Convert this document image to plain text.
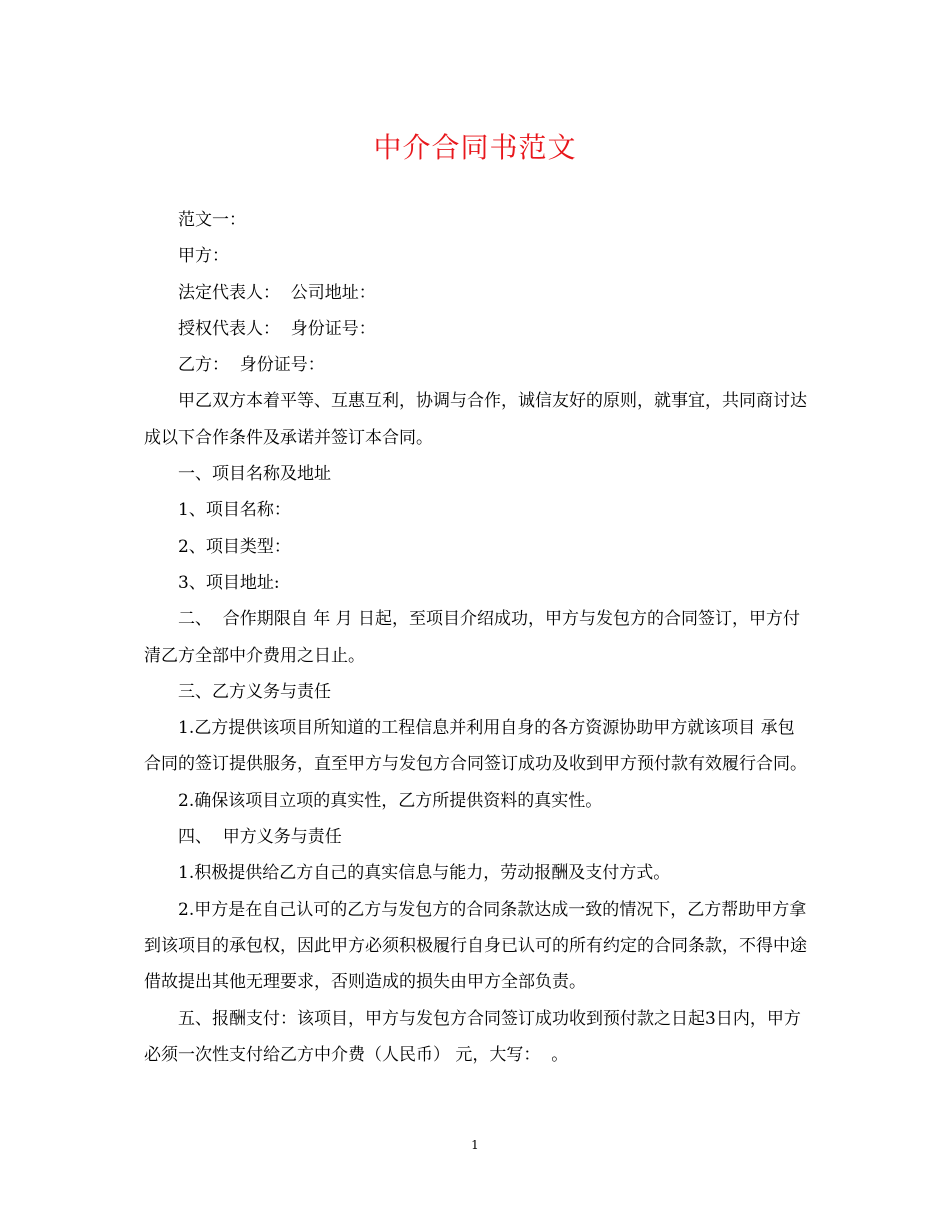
中介合同书范文

范文一：

甲方：

法定代表人：  公司地址：

授权代表人：  身份证号：

乙方：  身份证号：

甲乙双方本着平等、互惠互利，协调与合作，诚信友好的原则，就事宜，共同商讨达成以下合作条件及承诺并签订本合同。

一、项目名称及地址

1、项目名称：

2、项目类型：

3、项目地址:

二、  合作期限自 年 月 日起，至项目介绍成功，甲方与发包方的合同签订，甲方付清乙方全部中介费用之日止。

三、乙方义务与责任

1.乙方提供该项目所知道的工程信息并利用自身的各方资源协助甲方就该项目 承包合同的签订提供服务，直至甲方与发包方合同签订成功及收到甲方预付款有效履行合同。

2.确保该项目立项的真实性，乙方所提供资料的真实性。

四、  甲方义务与责任

1.积极提供给乙方自己的真实信息与能力，劳动报酬及支付方式。

2.甲方是在自己认可的乙方与发包方的合同条款达成一致的情况下，乙方帮助甲方拿到该项目的承包权，因此甲方必须积极履行自身已认可的所有约定的合同条款，不得中途借故提出其他无理要求，否则造成的损失由甲方全部负责。

五、报酬支付：该项目，甲方与发包方合同签订成功收到预付款之日起3日内，甲方必须一次性支付给乙方中介费（人民币） 元，大写：  。

1
